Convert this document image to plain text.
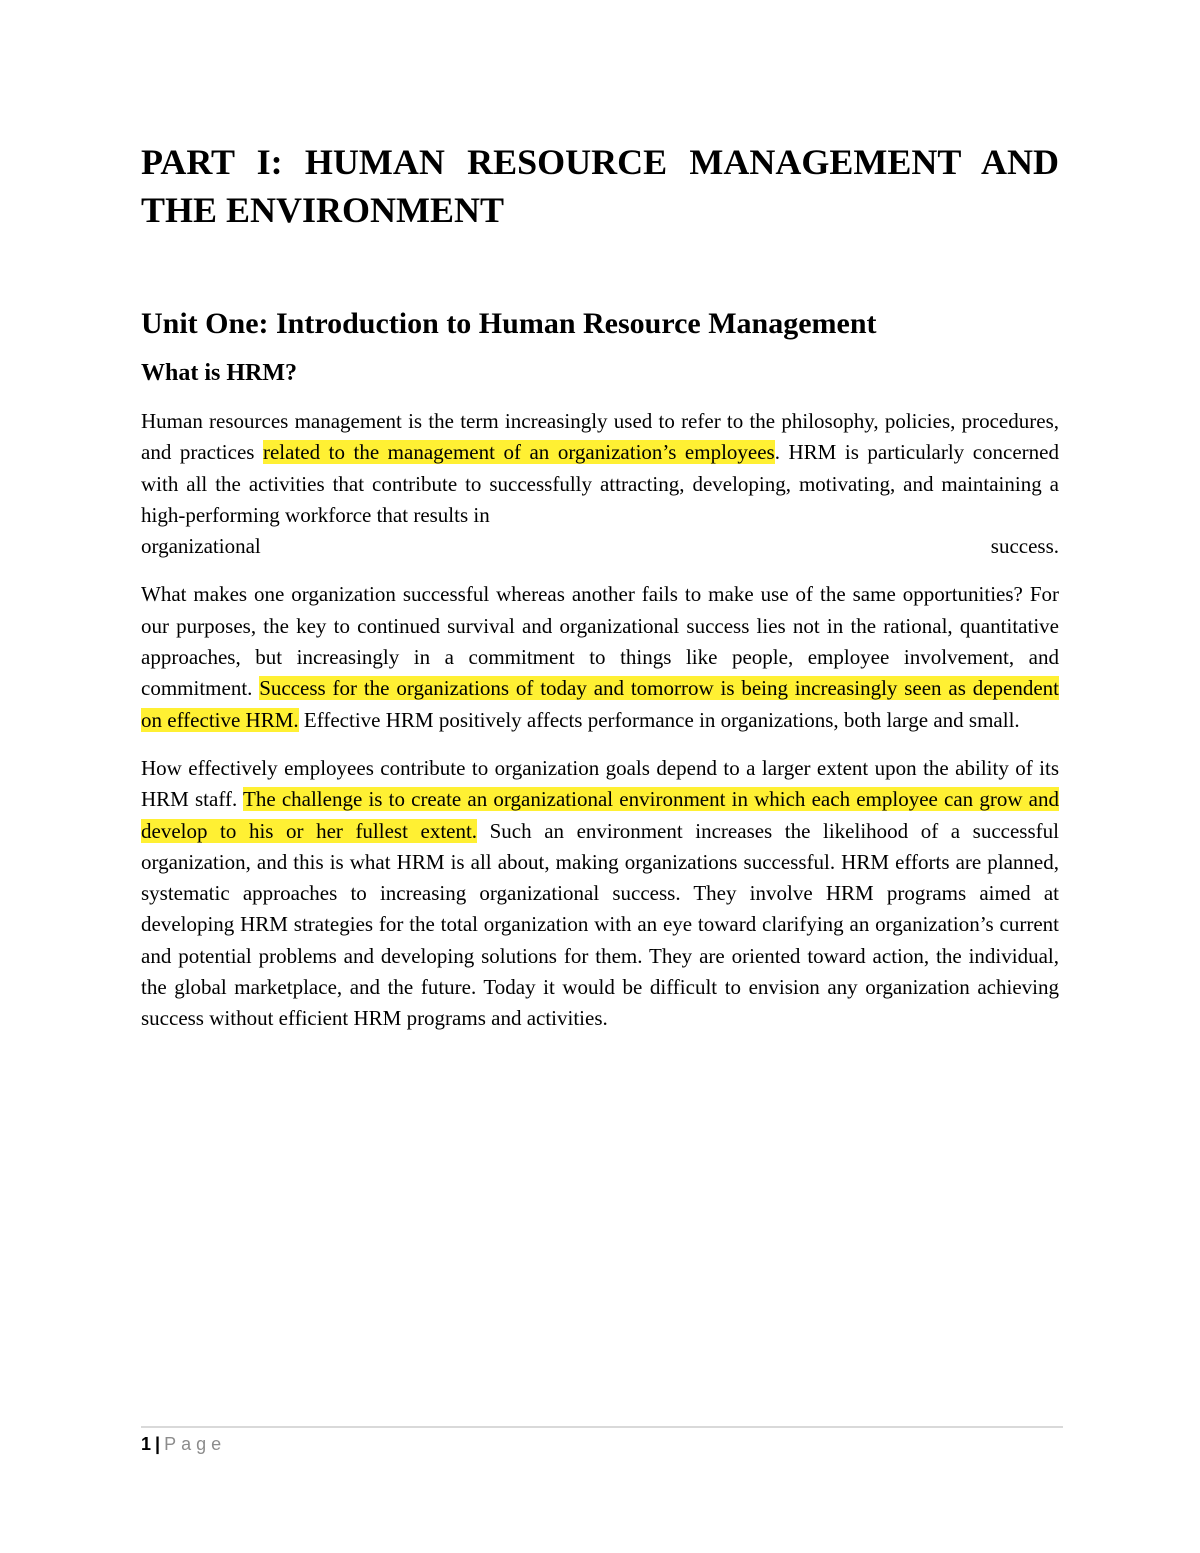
PART I: HUMAN RESOURCE MANAGEMENT AND THE ENVIRONMENT
Unit One: Introduction to Human Resource Management
What is HRM?
Human resources management is the term increasingly used to refer to the philosophy, policies, procedures, and practices related to the management of an organization’s employees. HRM is particularly concerned with all the activities that contribute to successfully attracting, developing, motivating, and maintaining a high-performing workforce that results in
organizational	success.

What makes one organization successful whereas another fails to make use of the same opportunities? For our purposes, the key to continued survival and organizational success lies not in the rational, quantitative approaches, but increasingly in a commitment to things like people, employee involvement, and commitment. Success for the organizations of today and tomorrow is being increasingly seen as dependent on effective HRM. Effective HRM positively affects performance in organizations, both large and small.

How effectively employees contribute to organization goals depend to a larger extent upon the ability of its HRM staff. The challenge is to create an organizational environment in which each employee can grow and develop to his or her fullest extent. Such an environment increases the likelihood of a successful organization, and this is what HRM is all about, making organizations successful. HRM efforts are planned, systematic approaches to increasing organizational success. They involve HRM programs aimed at developing HRM strategies for the total organization with an eye toward clarifying an organization’s current and potential problems and developing solutions for them. They are oriented toward action, the individual, the global marketplace, and the future. Today it would be difficult to envision any organization achieving success without efficient HRM programs and activities.

1 | Page
